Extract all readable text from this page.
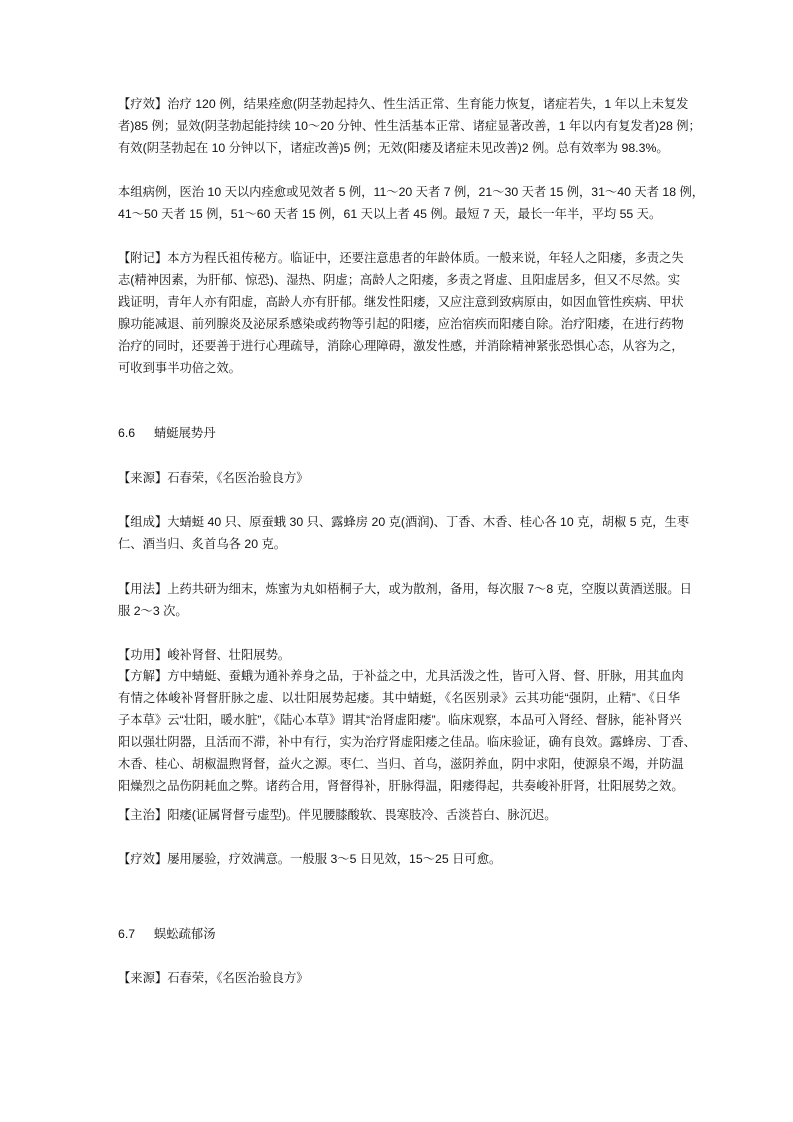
【疗效】治疗 120 例，结果痊愈(阴茎勃起持久、性生活正常、生育能力恢复，诸症若失，1 年以上未复发
者)85 例；显效(阴茎勃起能持续 10～20 分钟、性生活基本正常、诸症显著改善，1 年以内有复发者)28 例；
有效(阴茎勃起在 10 分钟以下，诸症改善)5 例；无效(阳痿及诸症未见改善)2 例。总有效率为 98.3%。
本组病例，医治 10 天以内痊愈或见效者 5 例，11～20 天者 7 例，21～30 天者 15 例，31～40 天者 18 例，
41～50 天者 15 例，51～60 天者 15 例，61 天以上者 45 例。最短 7 天，最长一年半，平均 55 天。
【附记】本方为程氏祖传秘方。临证中，还要注意患者的年龄体质。一般来说，年轻人之阳痿，多责之失
志(精神因素，为肝郁、惊恐)、湿热、阴虚；高龄人之阳痿，多责之肾虚、且阳虚居多，但又不尽然。实
践证明，青年人亦有阳虚，高龄人亦有肝郁。继发性阳痿，又应注意到致病原由，如因血管性疾病、甲状
腺功能减退、前列腺炎及泌尿系感染或药物等引起的阳痿，应治宿疾而阳痿自除。治疗阳痿，在进行药物
治疗的同时，还要善于进行心理疏导，消除心理障碍，激发性感，并消除精神紧张恐惧心态，从容为之，
可收到事半功倍之效。
6.6 蜻蜓展势丹
【来源】石春荣，《名医治验良方》
【组成】大蜻蜓 40 只、原蚕蛾 30 只、露蜂房 20 克(酒润)、丁香、木香、桂心各 10 克，胡椒 5 克，生枣
仁、酒当归、炙首乌各 20 克。
【用法】上药共研为细末，炼蜜为丸如梧桐子大，或为散剂，备用，每次服 7～8 克，空腹以黄酒送服。日
服 2～3 次。
【功用】峻补肾督、壮阳展势。
【方解】方中蜻蜓、蚕蛾为通补养身之品，于补益之中，尤具活泼之性，皆可入肾、督、肝脉，用其血肉
有情之体峻补肾督肝脉之虚、以壮阳展势起痿。其中蜻蜓，《名医别录》云其功能“强阴，止精”、《日华
子本草》云“壮阳，暖水脏”，《陆心本草》谓其“治肾虚阳痿”。临床观察，本品可入肾经、督脉，能补肾兴
阳以强壮阴器，且活而不滞，补中有行，实为治疗肾虚阳痿之佳品。临床验证，确有良效。露蜂房、丁香、
木香、桂心、胡椒温煦肾督，益火之源。枣仁、当归、首乌，滋阴养血，阴中求阳，使源泉不竭，并防温
阳燥烈之品伤阴耗血之弊。诸药合用，肾督得补，肝脉得温，阳痿得起，共奏峻补肝肾，壮阳展势之效。
【主治】阳痿(证属肾督亏虚型)。伴见腰膝酸软、畏寒肢冷、舌淡苔白、脉沉迟。
【疗效】屡用屡验，疗效满意。一般服 3～5 日见效，15～25 日可愈。
6.7 蜈蚣疏郁汤
【来源】石春荣，《名医治验良方》
